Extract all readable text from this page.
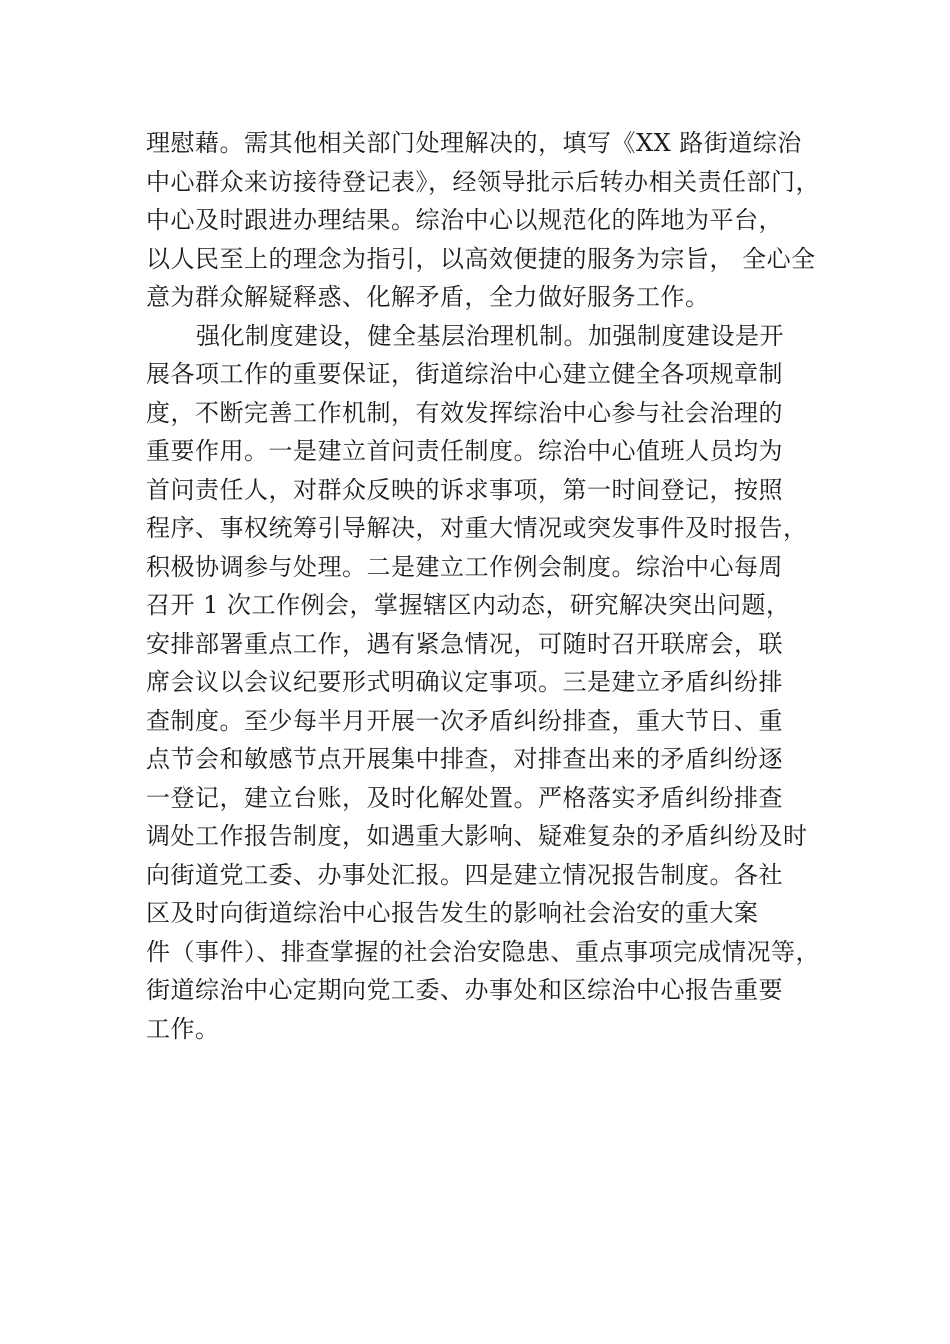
理慰藉。需其他相关部门处理解决的，填写《XX 路街道综治
中心群众来访接待登记表》，经领导批示后转办相关责任部门，
中心及时跟进办理结果。综治中心以规范化的阵地为平台，
以人民至上的理念为指引，以高效便捷的服务为宗旨， 全心全
意为群众解疑释惑、化解矛盾，全力做好服务工作。
强化制度建设，健全基层治理机制。加强制度建设是开
展各项工作的重要保证，街道综治中心建立健全各项规章制
度，不断完善工作机制，有效发挥综治中心参与社会治理的
重要作用。一是建立首问责任制度。综治中心值班人员均为
首问责任人，对群众反映的诉求事项，第一时间登记，按照
程序、事权统筹引导解决，对重大情况或突发事件及时报告，
积极协调参与处理。二是建立工作例会制度。综治中心每周
召开 1 次工作例会，掌握辖区内动态，研究解决突出问题，
安排部署重点工作，遇有紧急情况，可随时召开联席会，联
席会议以会议纪要形式明确议定事项。三是建立矛盾纠纷排
查制度。至少每半月开展一次矛盾纠纷排查，重大节日、重
点节会和敏感节点开展集中排查，对排查出来的矛盾纠纷逐
一登记，建立台账，及时化解处置。严格落实矛盾纠纷排查
调处工作报告制度，如遇重大影响、疑难复杂的矛盾纠纷及时
向街道党工委、办事处汇报。四是建立情况报告制度。各社
区及时向街道综治中心报告发生的影响社会治安的重大案
件（事件）、排查掌握的社会治安隐患、重点事项完成情况等，
街道综治中心定期向党工委、办事处和区综治中心报告重要
工作。
